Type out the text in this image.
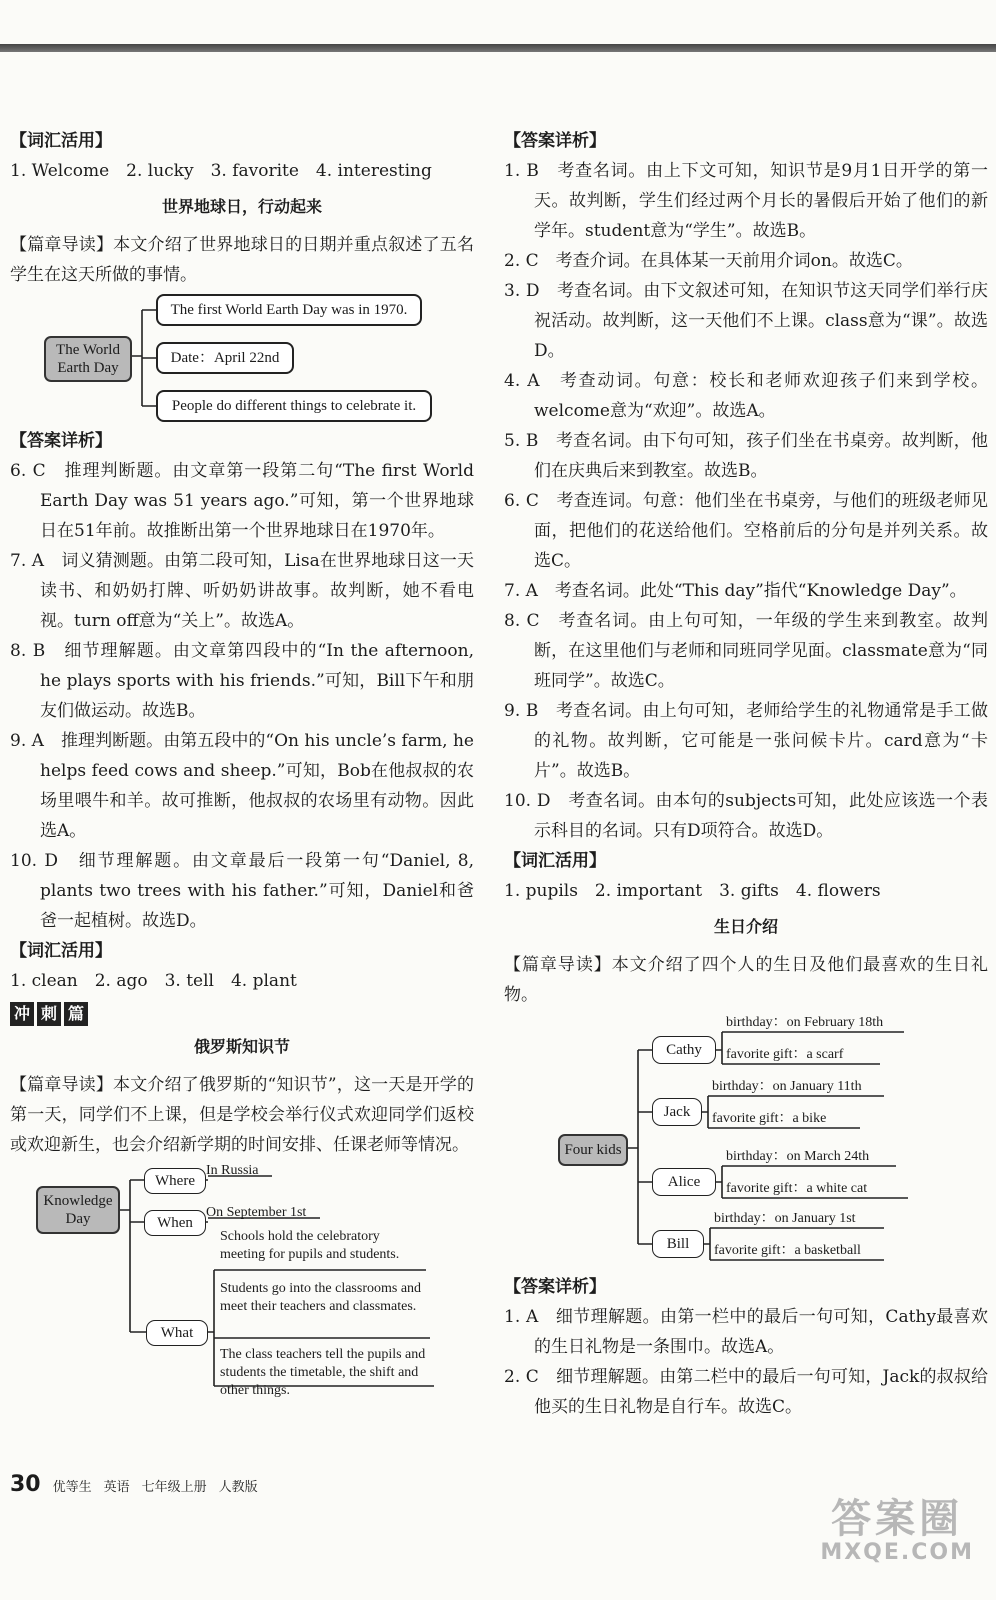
【词汇活用】

1. Welcome　2. lucky　3. favorite　4. interesting

世界地球日，行动起来

【篇章导读】本文介绍了世界地球日的日期并重点叙述了五名学生在这天所做的事情。

The World Earth Day
The first World Earth Day was in 1970.
Date：April 22nd
People do different things to celebrate it.

【答案详析】

6. C　推理判断题。由文章第一段第二句“The first World Earth Day was 51 years ago.”可知，第一个世界地球日在51年前。故推断出第一个世界地球日在1970年。

7. A　词义猜测题。由第二段可知，Lisa在世界地球日这一天读书、和奶奶打牌、听奶奶讲故事。故判断，她不看电视。turn off意为“关上”。故选A。

8. B　细节理解题。由文章第四段中的“In the afternoon, he plays sports with his friends.”可知，Bill下午和朋友们做运动。故选B。

9. A　推理判断题。由第五段中的“On his uncle’s farm, he helps feed cows and sheep.”可知，Bob在他叔叔的农场里喂牛和羊。故可推断，他叔叔的农场里有动物。因此选A。

10. D　细节理解题。由文章最后一段第一句“Daniel, 8, plants two trees with his father.”可知，Daniel和爸爸一起植树。故选D。

【词汇活用】

1. clean　2. ago　3. tell　4. plant

冲 刺 篇

俄罗斯知识节

【篇章导读】本文介绍了俄罗斯的“知识节”，这一天是开学的第一天，同学们不上课，但是学校会举行仪式欢迎同学们返校或欢迎新生，也会介绍新学期的时间安排、任课老师等情况。

Knowledge Day
Where
In Russia
When
On September 1st
Schools hold the celebratory meeting for pupils and students.
Students go into the classrooms and meet their teachers and classmates.
What
The class teachers tell the pupils and students the timetable, the shift and other things.

【答案详析】

1. B　考查名词。由上下文可知，知识节是9月1日开学的第一天。故判断，学生们经过两个月长的暑假后开始了他们的新学年。student意为“学生”。故选B。

2. C　考查介词。在具体某一天前用介词on。故选C。

3. D　考查名词。由下文叙述可知，在知识节这天同学们举行庆祝活动。故判断，这一天他们不上课。class意为“课”。故选D。

4. A　考查动词。句意：校长和老师欢迎孩子们来到学校。welcome意为“欢迎”。故选A。

5. B　考查名词。由下句可知，孩子们坐在书桌旁。故判断，他们在庆典后来到教室。故选B。

6. C　考查连词。句意：他们坐在书桌旁，与他们的班级老师见面，把他们的花送给他们。空格前后的分句是并列关系。故选C。

7. A　考查名词。此处“This day”指代“Knowledge Day”。

8. C　考查名词。由上句可知，一年级的学生来到教室。故判断，在这里他们与老师和同班同学见面。classmate意为“同班同学”。故选C。

9. B　考查名词。由上句可知，老师给学生的礼物通常是手工做的礼物。故判断，它可能是一张问候卡片。card意为“卡片”。故选B。

10. D　考查名词。由本句的subjects可知，此处应该选一个表示科目的名词。只有D项符合。故选D。

【词汇活用】

1. pupils　2. important　3. gifts　4. flowers

生日介绍

【篇章导读】本文介绍了四个人的生日及他们最喜欢的生日礼物。

Four kids
Cathy
birthday：on February 18th
favorite gift：a scarf
Jack
birthday：on January 11th
favorite gift：a bike
Alice
birthday：on March 24th
favorite gift：a white cat
Bill
birthday：on January 1st
favorite gift：a basketball

【答案详析】

1. A　细节理解题。由第一栏中的最后一句可知，Cathy最喜欢的生日礼物是一条围巾。故选A。

2. C　细节理解题。由第二栏中的最后一句可知，Jack的叔叔给他买的生日礼物是自行车。故选C。

30 优等生 英语 七年级上册 人教版
答案圈
MXQE.COM
